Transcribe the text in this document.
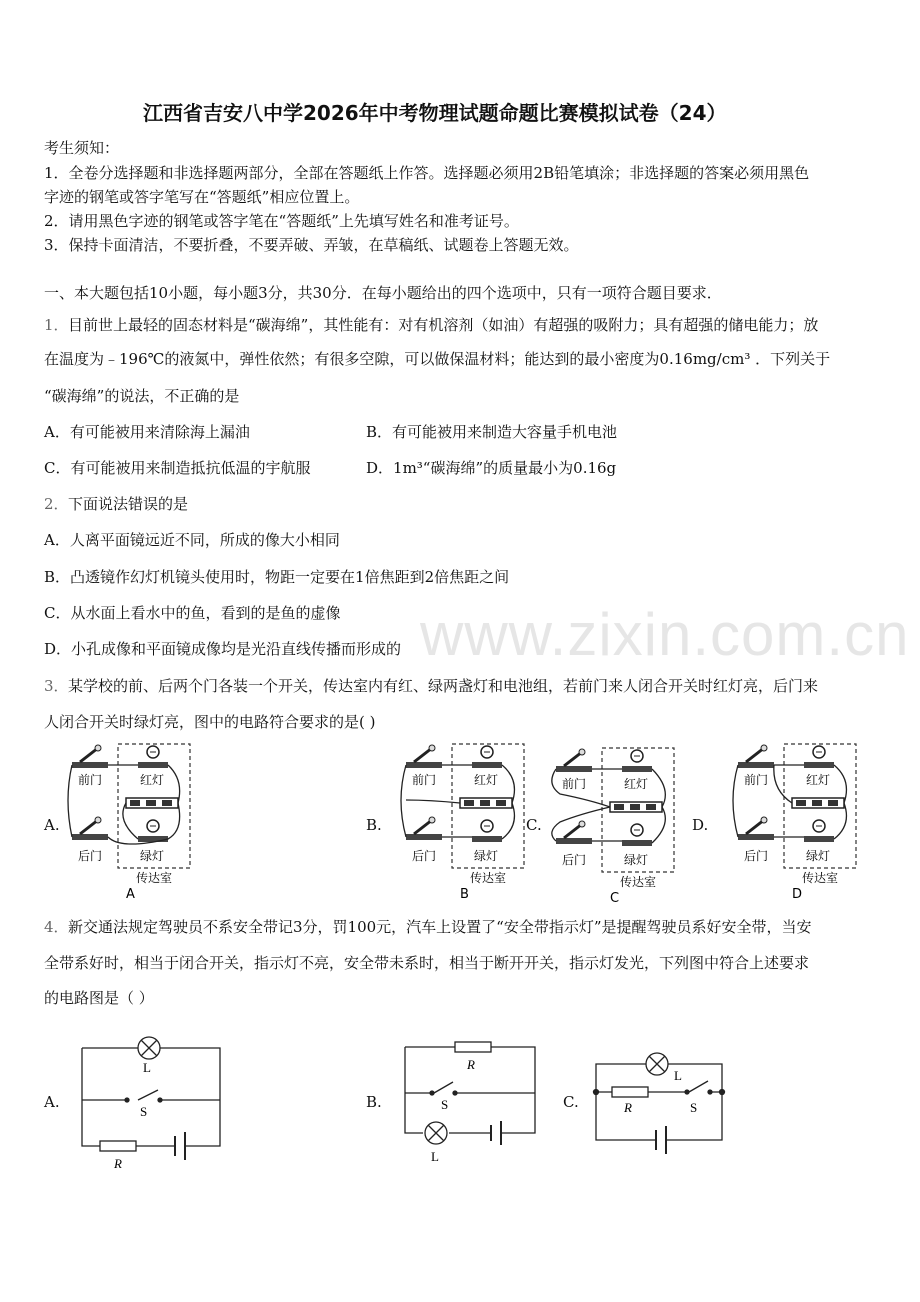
www.zixin.com.cn
江西省吉安八中学2026年中考物理试题命题比赛模拟试卷（24）
考生须知：
1．全卷分选择题和非选择题两部分，全部在答题纸上作答。选择题必须用2B铅笔填涂；非选择题的答案必须用黑色
字迹的钢笔或答字笔写在“答题纸”相应位置上。
2．请用黑色字迹的钢笔或答字笔在“答题纸”上先填写姓名和准考证号。
3．保持卡面清洁，不要折叠，不要弄破、弄皱，在草稿纸、试题卷上答题无效。
一、本大题包括10小题，每小题3分，共30分．在每小题给出的四个选项中，只有一项符合题目要求．
1． 目前世上最轻的固态材料是“碳海绵”，其性能有：对有机溶剂（如油）有超强的吸附力；具有超强的储电能力；放
在温度为﹣196℃的液氮中，弹性依然；有很多空隙，可以做保温材料；能达到的最小密度为0.16mg/cm³ ．下列关于
“碳海绵”的说法，不正确的是
A．有可能被用来清除海上漏油	B．有可能被用来制造大容量手机电池
C．有可能被用来制造抵抗低温的宇航服	D．1m³“碳海绵”的质量最小为0.16g
2． 下面说法错误的是
A．人离平面镜远近不同，所成的像大小相同
B．凸透镜作幻灯机镜头使用时，物距一定要在1倍焦距到2倍焦距之间
C．从水面上看水中的鱼，看到的是鱼的虚像
D．小孔成像和平面镜成像均是光沿直线传播而形成的
3． 某学校的前、后两个门各装一个开关，传达室内有红、绿两盏灯和电池组，若前门来人闭合开关时红灯亮，后门来
人闭合开关时绿灯亮，图中的电路符合要求的是( )
A.	B.	C.	D.
前门	红灯
后门	绿灯
传达室
A
前门	红灯
后门	绿灯
传达室
B
前门	红灯
后门	绿灯
传达室
C
前门	红灯
后门	绿灯
传达室
D
4． 新交通法规定驾驶员不系安全带记3分，罚100元，汽车上设置了“安全带指示灯”是提醒驾驶员系好安全带，当安
全带系好时，相当于闭合开关，指示灯不亮，安全带未系时，相当于断开开关，指示灯发光，下列图中符合上述要求
的电路图是（ ）
A.	B.	C.
L
S
R
R
S
L
L
R	S
